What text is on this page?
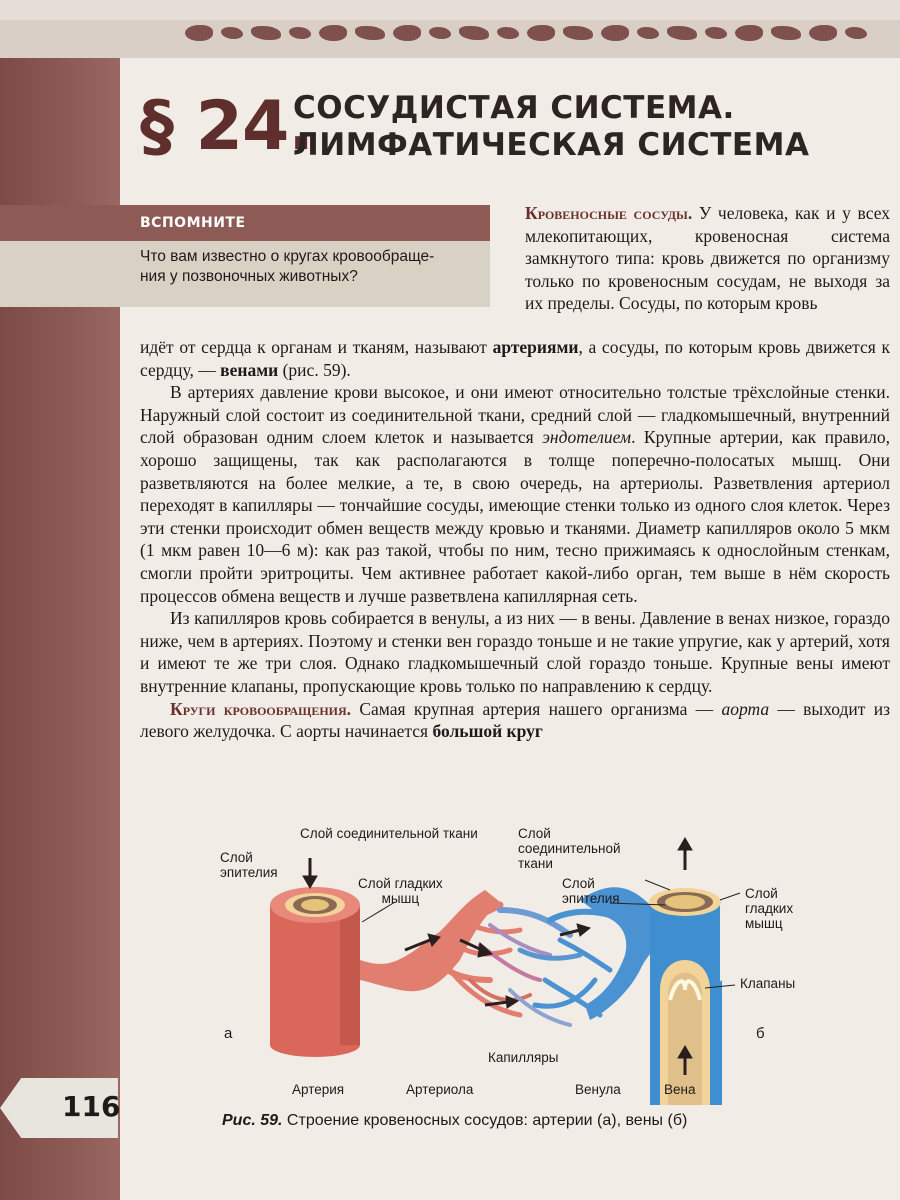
§ 24.
СОСУДИСТАЯ СИСТЕМА.
ЛИМФАТИЧЕСКАЯ СИСТЕМА
ВСПОМНИТЕ
Что вам известно о кругах кровообраще-
ния у позвоночных животных?
Кровеносные сосуды. У человека, как и у всех млекопитающих, кровеносная система замкнутого типа: кровь движется по организму только по кровеносным сосудам, не выходя за их пределы. Сосуды, по которым кровь

идёт от сердца к органам и тканям, называют артериями, а сосуды, по которым кровь движется к сердцу, — венами (рис. 59).

В артериях давление крови высокое, и они имеют относительно толстые трёхслойные стенки. Наружный слой состоит из соединительной ткани, средний слой — гладкомышечный, внутренний слой образован одним слоем клеток и называется эндотелием. Крупные артерии, как правило, хорошо защищены, так как располагаются в толще поперечно-полосатых мышц. Они разветвляются на более мелкие, а те, в свою очередь, на артериолы. Разветвления артериол переходят в капилляры — тончайшие сосуды, имеющие стенки только из одного слоя клеток. Через эти стенки происходит обмен веществ между кровью и тканями. Диаметр капилляров около 5 мкм (1 мкм равен 10—6 м): как раз такой, чтобы по ним, тесно прижимаясь к однослойным стенкам, смогли пройти эритроциты. Чем активнее работает какой-либо орган, тем выше в нём скорость процессов обмена веществ и лучше разветвлена капиллярная сеть.

Из капилляров кровь собирается в венулы, а из них — в вены. Давление в венах низкое, гораздо ниже, чем в артериях. Поэтому и стенки вен гораздо тоньше и не такие упругие, как у артерий, хотя и имеют те же три слоя. Однако гладкомышечный слой гораздо тоньше. Крупные вены имеют внутренние клапаны, пропускающие кровь только по направлению к сердцу.

Круги кровообращения. Самая крупная артерия нашего организма — аорта — выходит из левого желудочка. С аорты начинается большой круг

Слой соединительной ткани
Слой
эпителия
Слой гладких
мышц
Слой
соединительной
ткани
Слой
эпителия	Слой
гладких
мышц
Клапаны
а	б
Капилляры
Артерия	Артериола	Венула	Вена
116	Рис. 59. Строение кровеносных сосудов: артерии (а), вены (б)
